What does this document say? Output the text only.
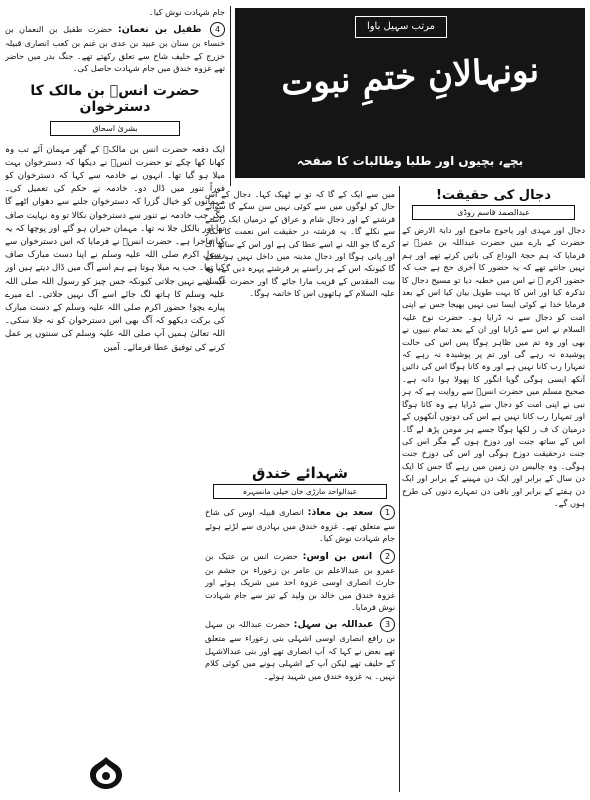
مرتب سہیل باوا
نونہالانِ ختمِ نبوت
بچے، بچیوں اور طلبا وطالبات کا صفحہ
دجال کی حقیقت!
عبدالصمد قاسم روڈی
دجال اور مہدی اور یاجوج ماجوج اور دابۃ الارض کے حضرت کے بارے میں حضرت عبداللہ بن عمرؓ نے فرمایا کہ ہم حجۃ الوداع کی باتیں کرتے تھے اور ہم نہیں جانتے تھے کہ یہ حضور کا آخری حج ہے جب کہ حضور اکرم ﷺ نے اس میں خطبہ دیا تو مسیح دجال کا تذکرہ کیا اور اس کا بہت طویل بیان کیا اس کے بعد فرمایا خدا نے کوئی ایسا نبی نہیں بھیجا جس نے اپنی امت کو دجال سے نہ ڈرایا ہو۔ حضرت نوح علیہ السلام نے اس سے ڈرایا اور ان کے بعد تمام نبیوں نے بھی اور وہ تم میں ظاہر ہوگا پس اس کی حالت پوشیدہ نہ رہے گی اور تم پر پوشیدہ نہ رہے کہ تمہارا رب کانا نہیں ہے اور وہ کانا ہوگا اس کی دائیں آنکھ ایسی ہوگی گویا انگور کا پھولا ہوا دانہ ہے۔ صحیح مسلم میں حضرت انسؓ سے روایت ہے کہ ہر نبی نے اپنی امت کو دجال سے ڈرایا ہے وہ کانا ہوگا اور تمہارا رب کانا نہیں ہے اس کی دونوں آنکھوں کے درمیان ک ف ر لکھا ہوگا جسے ہر مومن پڑھ لے گا۔ اس کے ساتھ جنت اور دوزخ ہوں گے مگر اس کی جنت درحقیقت دوزخ ہوگی اور اس کی دوزخ جنت ہوگی۔ وہ چالیس دن زمین میں رہے گا جس کا ایک دن سال کے برابر اور ایک دن مہینے کے برابر اور ایک دن ہفتے کے برابر اور باقی دن تمہارے دنوں کی طرح ہوں گے۔
میں سے ایک کے گا کہ تو نے ٹھیک کہا۔ دجال کے اس حال کو لوگوں میں سے کوئی نہیں سن سکے گا سوائے فرشتے کے اور دجال شام و عراق کے درمیان ایک راستے سے نکلے گا۔ یہ فرشتہ در حقیقت اس نعمت کا انکار کرے گا جو اللہ نے اسے عطا کی ہے اور اس کے ساتھ آگ اور پانی ہوگا اور دجال مدینہ میں داخل نہیں ہو سکے گا کیونکہ اس کے ہر راستے پر فرشتے پہرہ دیں گے۔ وہ بیت المقدس کے قریب مارا جائے گا اور حضرت عیسیٰ علیہ السلام کے ہاتھوں اس کا خاتمہ ہوگا۔
شہدائے خندق
عبدالواحد مارڑی خان خیلی مانسہرہ
1 سعد بن معاذ: انصاری قبیلہ اوس کی شاخ سے متعلق تھے۔ غزوہ خندق میں بہادری سے لڑتے ہوئے جام شہادت نوش کیا۔
2 انس بن اوس: حضرت انس بن عتیک بن عمرو بن عبدالاعلم بن عامر بن زعوراء بن جشم بن حارث انصاری اوسی غزوہ احد میں شریک ہوئے اور غزوہ خندق میں خالد بن ولید کے تیر سے جام شہادت نوش فرمایا۔
3 عبداللہ بن سہل: حضرت عبداللہ بن سہل بن رافع انصاری اوسی اشہلی بنی زعوراء سے متعلق تھے بعض نے کہا کہ آپ انصاری تھے اور بنی عبدالاشہل کے حلیف تھے لیکن آپ کے اشہلی ہونے میں کوئی کلام نہیں۔ یہ غزوہ خندق میں شہید ہوئے۔
جام شہادت نوش کیا۔
4 طفیل بن نعمان: حضرت طفیل بن النعمان بن خنساء بن سنان بن عبید بن عدی بن غنم بن کعب انصاری قبیلہ خزرج کے حلیف شاخ سے تعلق رکھتے تھے۔ جنگ بدر میں حاضر تھے غزوہ خندق میں جام شہادت حاصل کی۔
حضرت انسؓ بن مالک کا دسترخوان
بشریٰ اسحاق
ایک دفعہ حضرت انس بن مالکؓ کے گھر مہمان آئے تب وہ کھانا کھا چکے تو حضرت انسؓ نے دیکھا کہ دسترخوان بہت میلا ہو گیا تھا۔ انہوں نے خادمہ سے کہا کہ دسترخوان کو فوراً تنور میں ڈال دو۔ خادمہ نے حکم کی تعمیل کی۔ مہمانوں کو خیال گزرا کہ دسترخوان جلنے سے دھواں اٹھے گا مگر جب خادمہ نے تنور سے دسترخوان نکالا تو وہ نہایت صاف تھا اور بالکل جلا نہ تھا۔ مہمان حیران ہو گئے اور پوچھا کہ یہ کیا ماجرا ہے۔ حضرت انسؓ نے فرمایا کہ اس دسترخوان سے رسول اکرم صلی اللہ علیہ وسلم نے اپنا دست مبارک صاف کیا تھا۔ جب یہ میلا ہوتا ہے ہم اسے آگ میں ڈال دیتے ہیں اور آگ اسے نہیں جلاتی کیونکہ جس چیز کو رسول اللہ صلی اللہ علیہ وسلم کا ہاتھ لگ جائے اسے آگ نہیں جلاتی۔ اے میرے پیارے بچو! حضور اکرم صلی اللہ علیہ وسلم کے دست مبارک کی برکت دیکھو کہ آگ بھی اس دسترخوان کو نہ جلا سکی۔ اللہ تعالیٰ ہمیں آپ صلی اللہ علیہ وسلم کی سنتوں پر عمل کرنے کی توفیق عطا فرمائے۔ آمین
